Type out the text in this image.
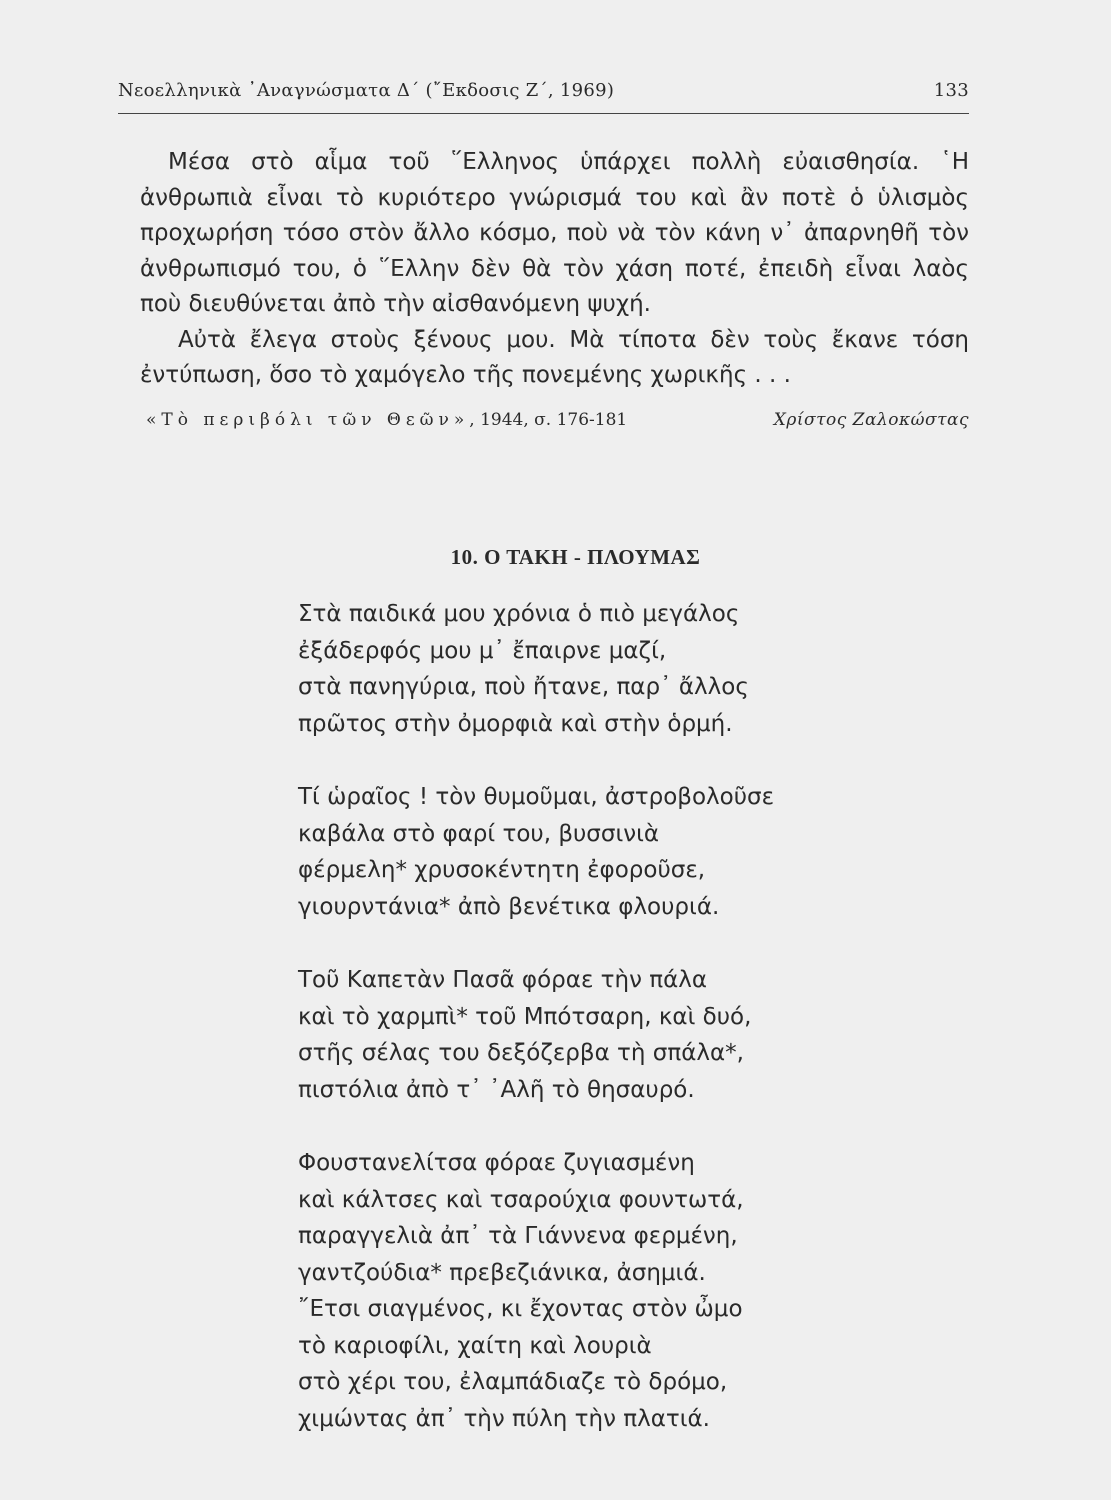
Νεοελληνικὰ ᾿Αναγνώσματα Δ΄ (῎Εκδοσις Ζ΄, 1969)	133

Μέσα στὸ αἷμα τοῦ ῞Ελληνος ὑπάρχει πολλὴ εὐαισθησία. ῾Η ἀνθρωπιὰ εἶναι τὸ κυριότερο γνώρισμά του καὶ ἂν ποτὲ ὁ ὑλισμὸς προχωρήση τόσο στὸν ἄλλο κόσμο, ποὺ νὰ τὸν κάνη ν᾿ ἀπαρνηθῆ τὸν ἀνθρωπισμό του, ὁ ῞Ελλην δὲν θὰ τὸν χάση ποτέ, ἐπειδὴ εἶναι λαὸς ποὺ διευθύνεται ἀπὸ τὴν αἰσθανόμενη ψυχή.

Αὐτὰ ἔλεγα στοὺς ξένους μου. Μὰ τίποτα δὲν τοὺς ἔκανε τόση ἐντύπωση, ὅσο τὸ χαμόγελο τῆς πονεμένης χωρικῆς . . .

«Τὸ περιβόλι τῶν Θεῶν», 1944, σ. 176-181	Χρίστος Ζαλοκώστας
10. Ο ΤΑΚΗ - ΠΛΟΥΜΑΣ
Στὰ παιδικά μου χρόνια ὁ πιὸ μεγάλος
ἐξάδερφός μου μ᾿ ἔπαιρνε μαζί,
στὰ πανηγύρια, ποὺ ἤτανε, παρ᾿ ἄλλος
πρῶτος στὴν ὀμορφιὰ καὶ στὴν ὁρμή.
Τί ὡραῖος ! τὸν θυμοῦμαι, ἀστροβολοῦσε
καβάλα στὸ φαρί του, βυσσινιὰ
φέρμελη* χρυσοκέντητη ἐφοροῦσε,
γιουρντάνια* ἀπὸ βενέτικα φλουριά.
Τοῦ Καπετὰν Πασᾶ φόραε τὴν πάλα
καὶ τὸ χαρμπὶ* τοῦ Μπότσαρη, καὶ δυό,
στῆς σέλας του δεξόζερβα τὴ σπάλα*,
πιστόλια ἀπὸ τ᾿ ᾿Αλῆ τὸ θησαυρό.
Φουστανελίτσα φόραε ζυγιασμένη
καὶ κάλτσες καὶ τσαρούχια φουντωτά,
παραγγελιὰ ἀπ᾿ τὰ Γιάννενα φερμένη,
γαντζούδια* πρεβεζιάνικα, ἀσημιά.
῎Ετσι σιαγμένος, κι ἔχοντας στὸν ὦμο
τὸ καριοφίλι, χαίτη καὶ λουριὰ
στὸ χέρι του, ἐλαμπάδιαζε τὸ δρόμο,
χιμώντας ἀπ᾿ τὴν πύλη τὴν πλατιά.
